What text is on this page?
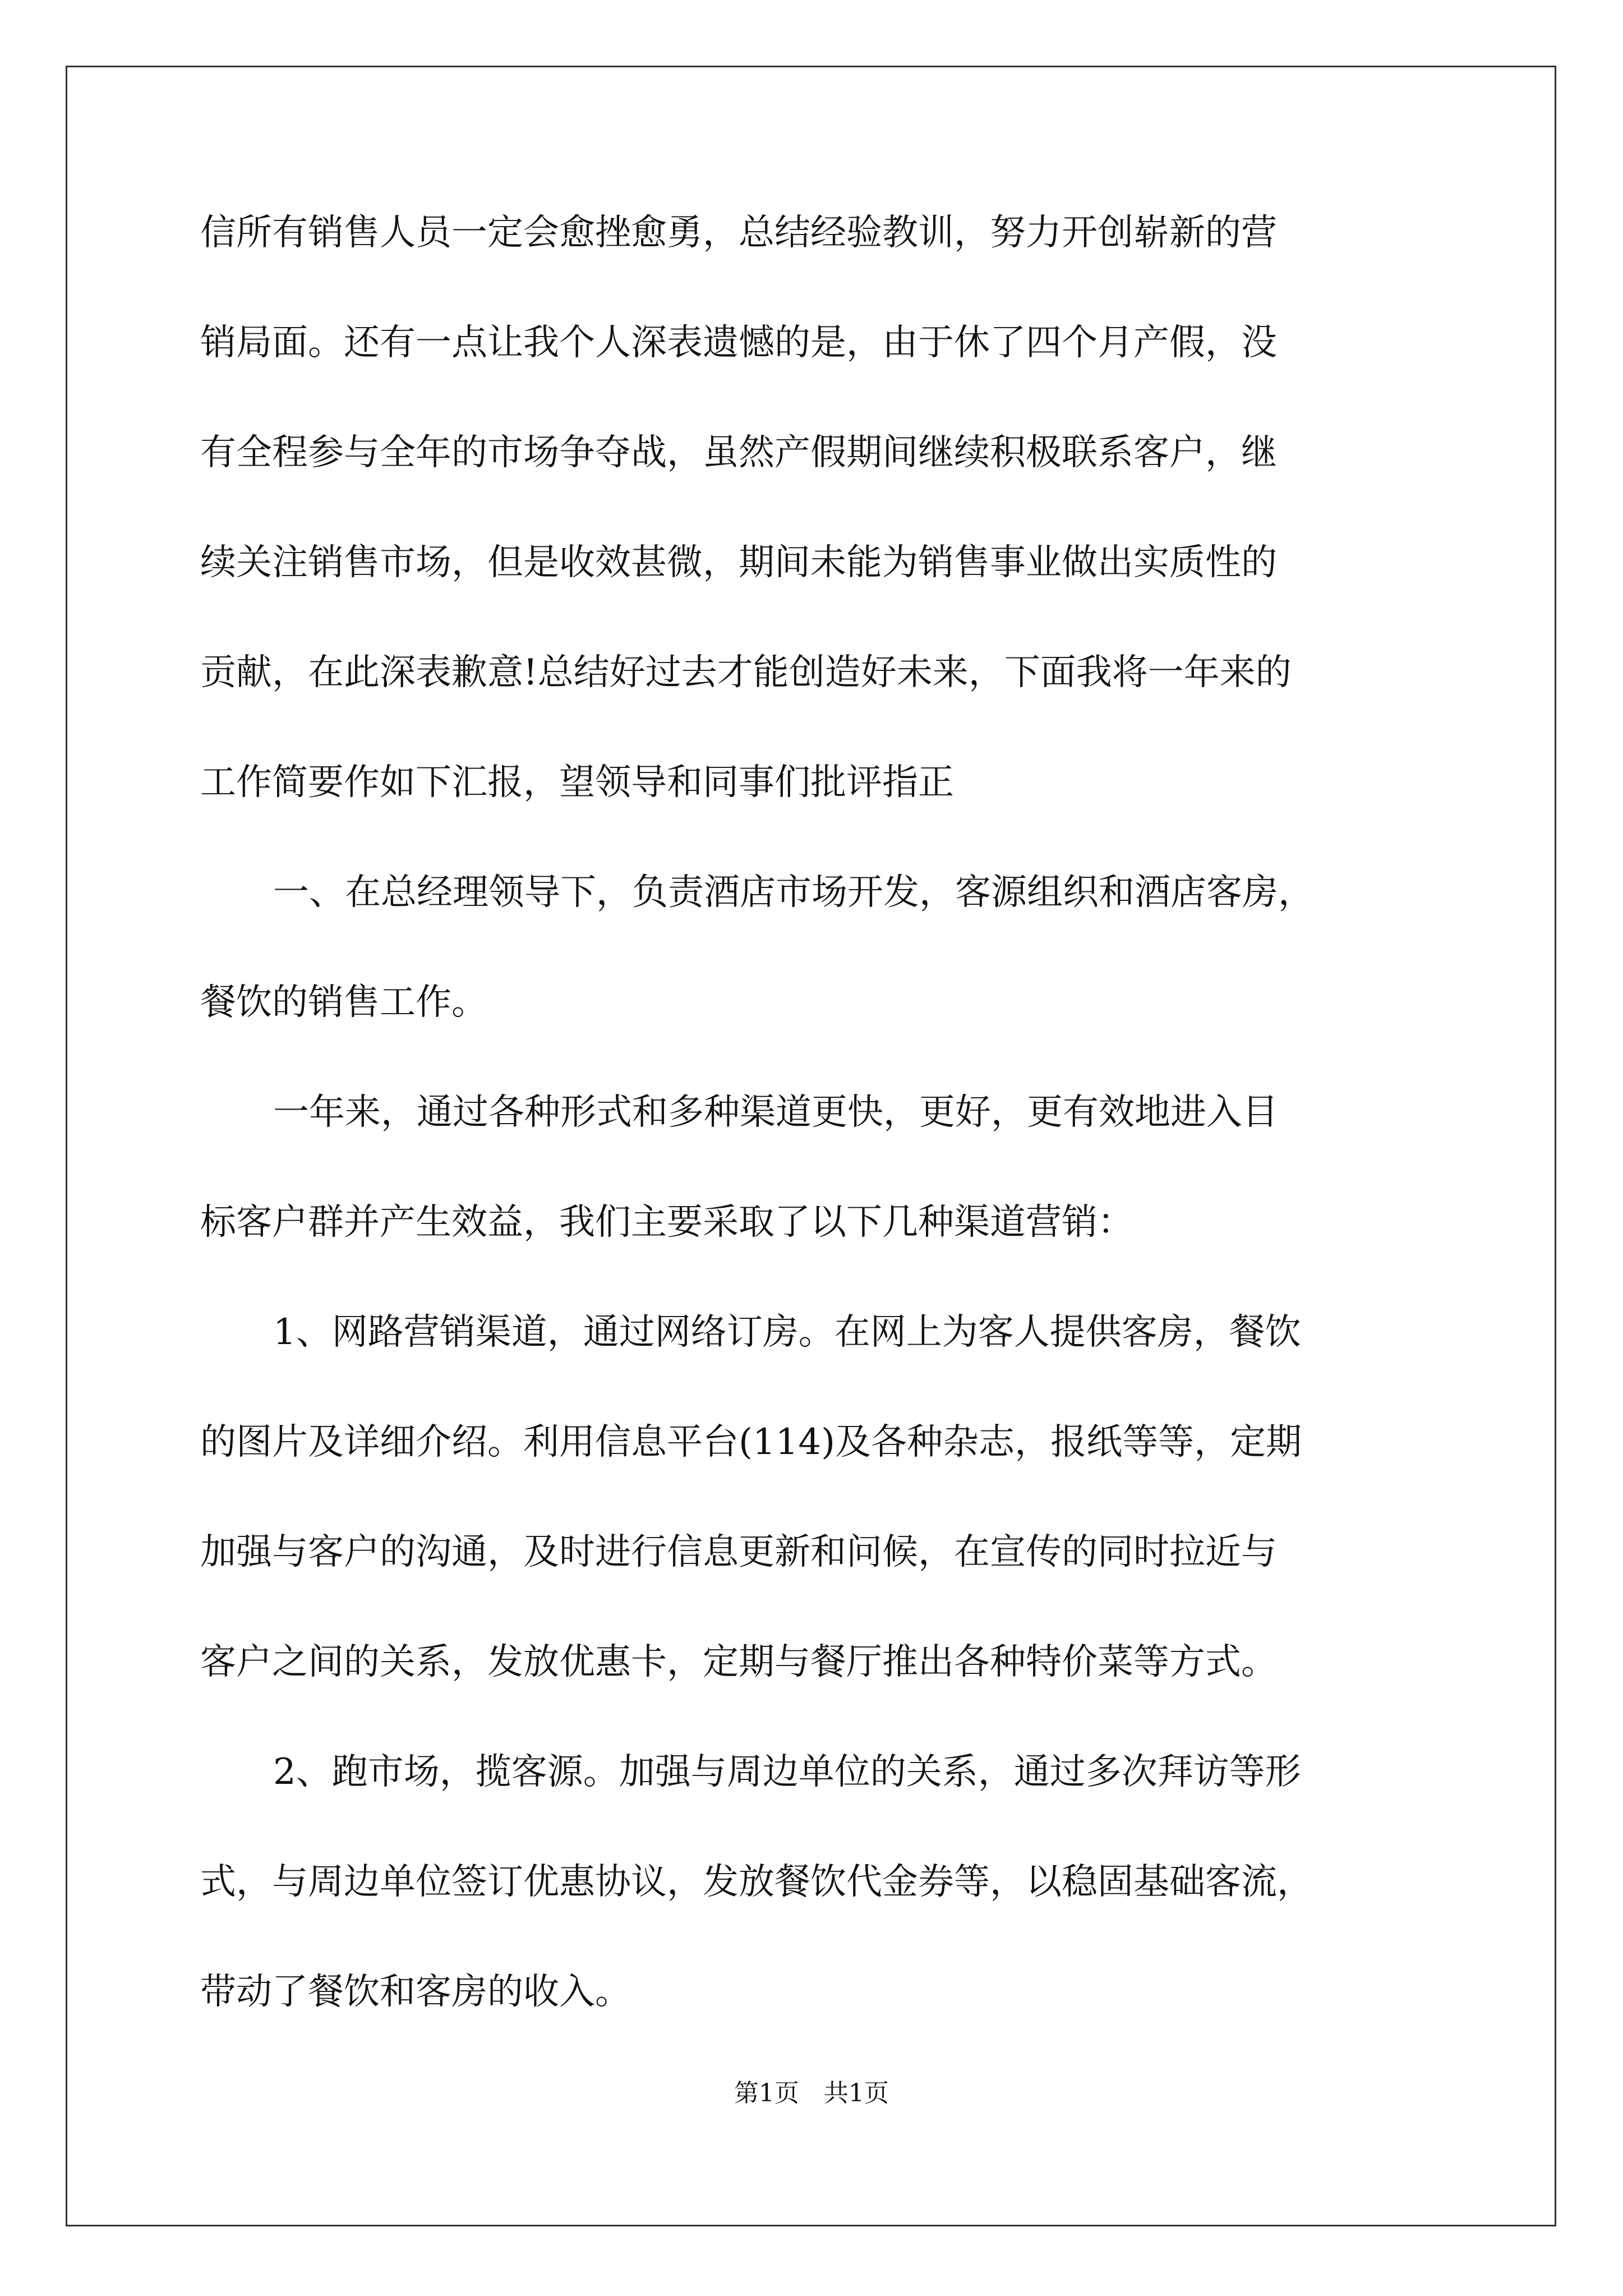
信所有销售人员一定会愈挫愈勇，总结经验教训，努力开创崭新的营
销局面。还有一点让我个人深表遗憾的是，由于休了四个月产假，没
有全程参与全年的市场争夺战，虽然产假期间继续积极联系客户，继
续关注销售市场，但是收效甚微，期间未能为销售事业做出实质性的
贡献，在此深表歉意!总结好过去才能创造好未来，下面我将一年来的
工作简要作如下汇报，望领导和同事们批评指正
一、在总经理领导下，负责酒店市场开发，客源组织和酒店客房，
餐饮的销售工作。
一年来，通过各种形式和多种渠道更快，更好，更有效地进入目
标客户群并产生效益，我们主要采取了以下几种渠道营销：
1、网路营销渠道，通过网络订房。在网上为客人提供客房，餐饮
的图片及详细介绍。利用信息平台(114)及各种杂志，报纸等等，定期
加强与客户的沟通，及时进行信息更新和问候，在宣传的同时拉近与
客户之间的关系，发放优惠卡，定期与餐厅推出各种特价菜等方式。
2、跑市场，揽客源。加强与周边单位的关系，通过多次拜访等形
式，与周边单位签订优惠协议，发放餐饮代金券等，以稳固基础客流，
带动了餐饮和客房的收入。
第1页　共1页
